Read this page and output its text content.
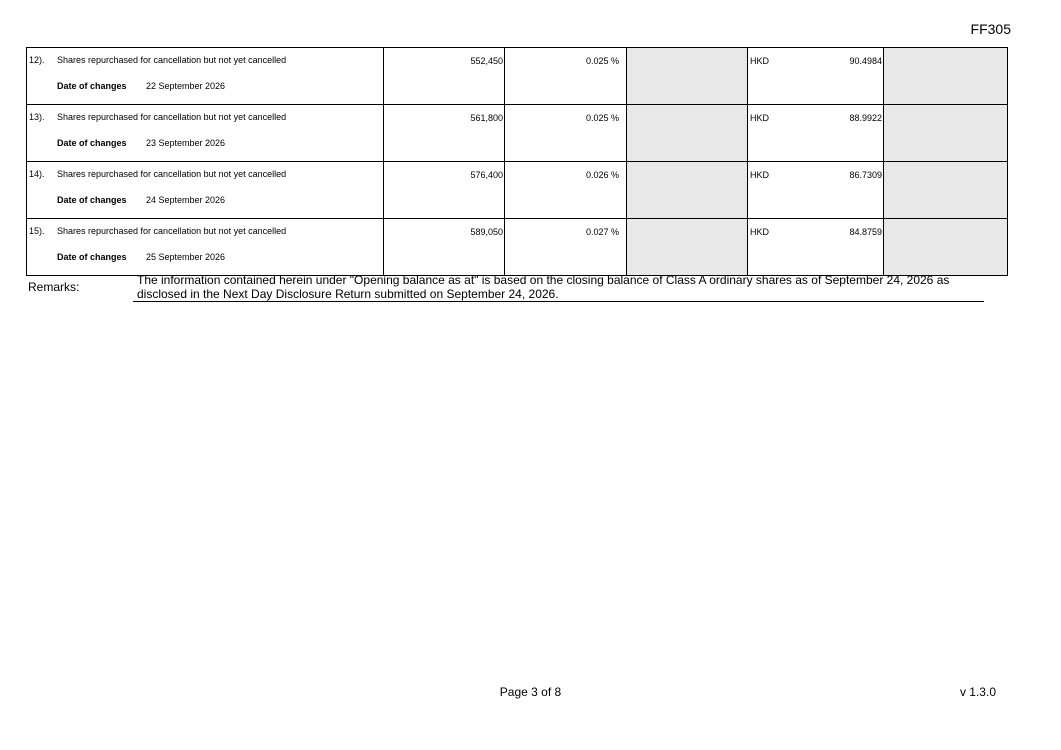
FF305
12). Shares repurchased for cancellation but not yet cancelled
Date of changes 22 September 2026	552,450	0.025 %		HKD 90.4984	

13). Shares repurchased for cancellation but not yet cancelled
Date of changes 23 September 2026	561,800	0.025 %		HKD 88.9922	

14). Shares repurchased for cancellation but not yet cancelled
Date of changes 24 September 2026	576,400	0.026 %		HKD 86.7309	

15). Shares repurchased for cancellation but not yet cancelled
Date of changes 25 September 2026	589,050	0.027 %		HKD 84.8759	

Remarks:	The information contained herein under "Opening balance as at" is based on the closing balance of Class A ordinary shares as of September 24, 2026 as disclosed in the Next Day Disclosure Return submitted on September 24, 2026.
Page 3 of 8	v 1.3.0
